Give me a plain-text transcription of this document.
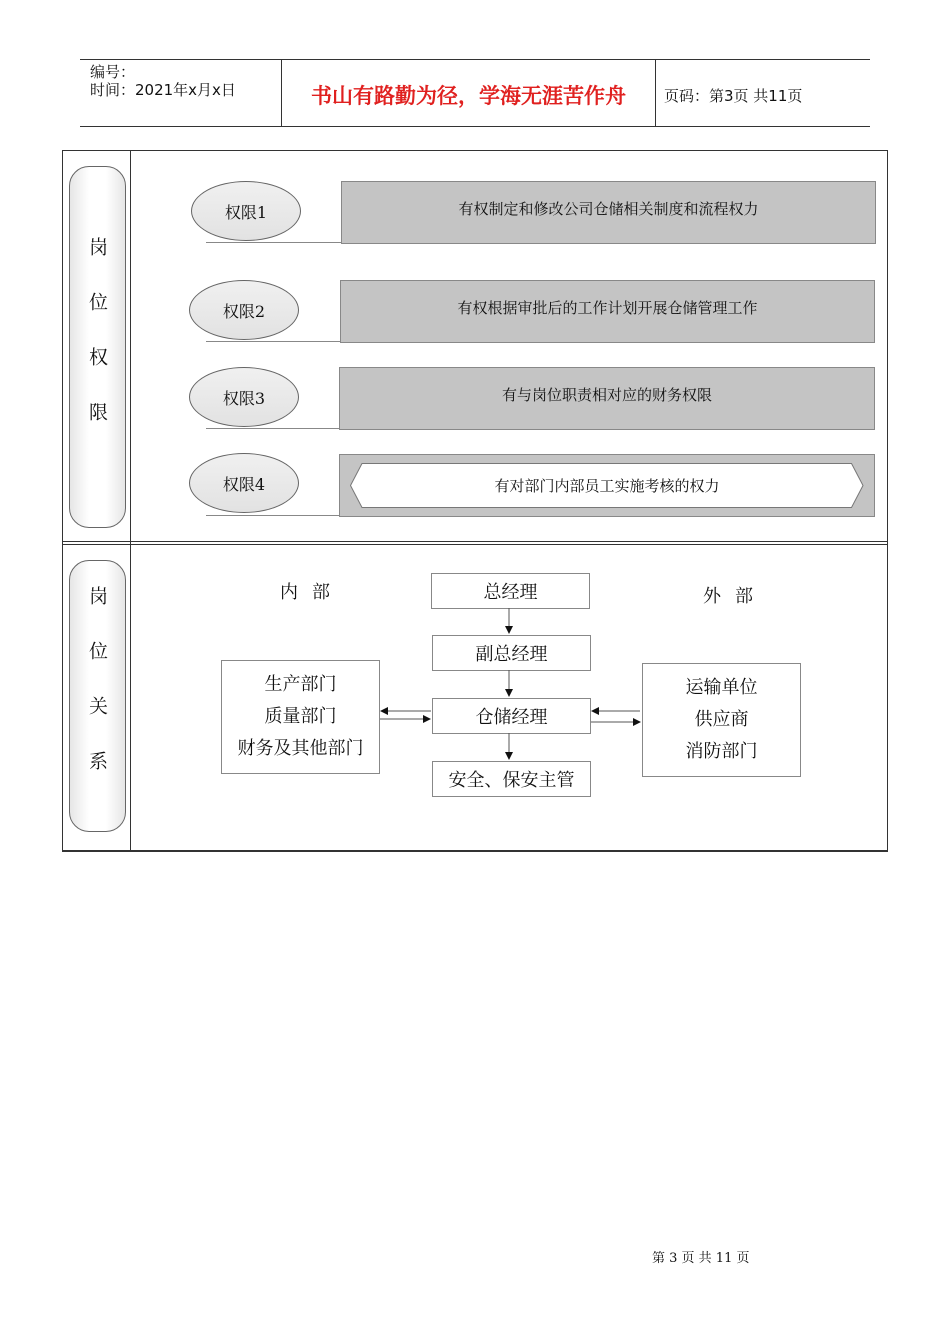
编号：
时间：2021年x月x日	书山有路勤为径，学海无涯苦作舟	页码：第3页 共11页
岗位权限
权限1	有权制定和修改公司仓储相关制度和流程权力
权限2	有权根据审批后的工作计划开展仓储管理工作
权限3	有与岗位职责相对应的财务权限
权限4	有对部门内部员工实施考核的权力
岗位关系	内部	外部
总经理
副总经理
仓储经理
安全、保安主管
生产部门
质量部门
财务及其他部门
运输单位
供应商
消防部门
第 3 页 共 11 页
